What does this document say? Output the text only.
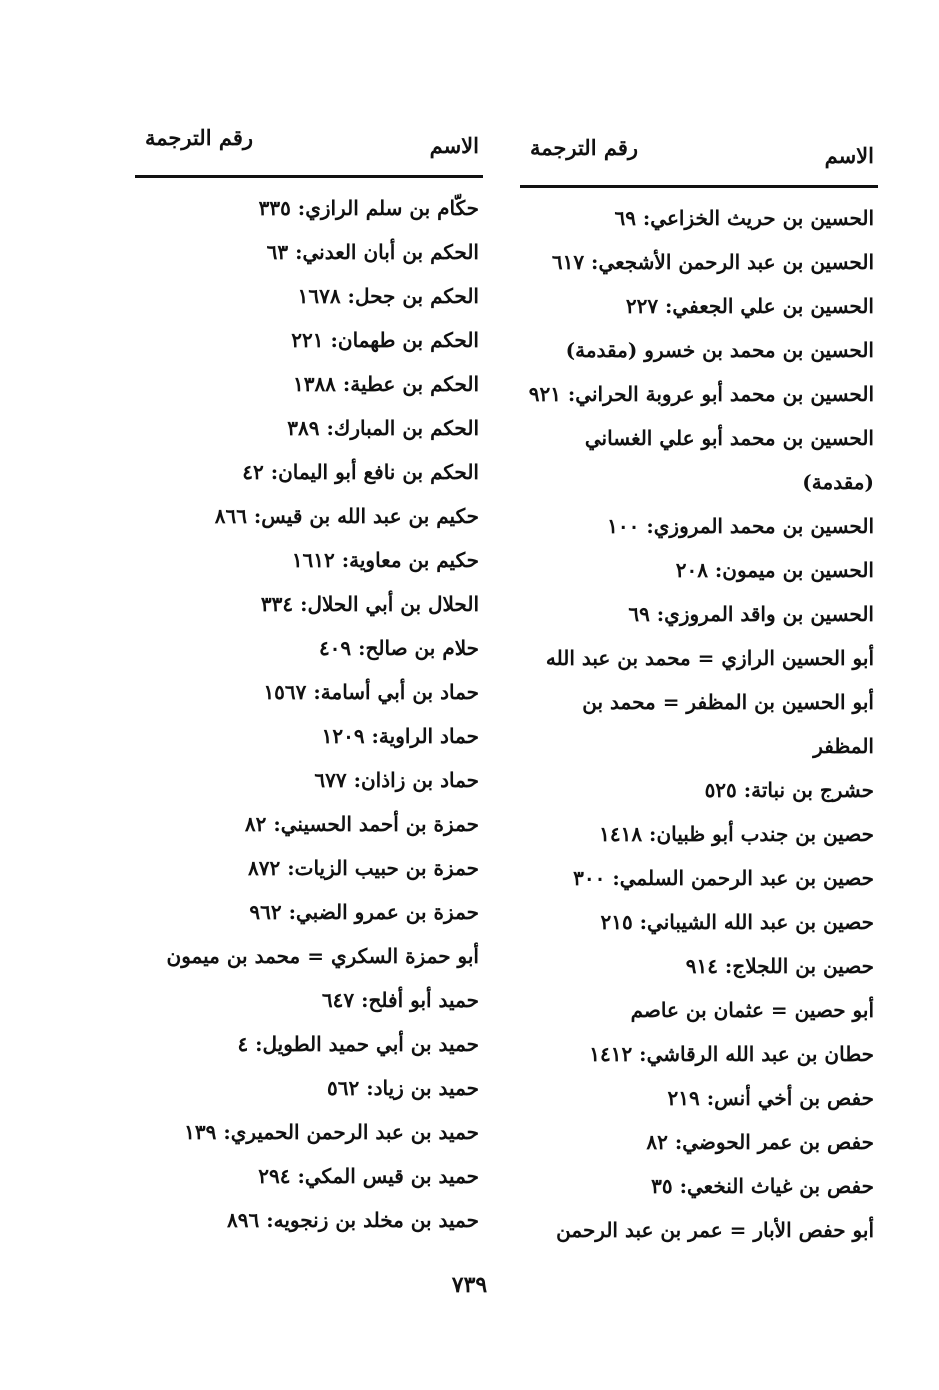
الاسم
رقم الترجمة
الحسين بن حريث الخزاعي: ٦٩
الحسين بن عبد الرحمن الأشجعي: ٦١٧
الحسين بن علي الجعفي: ٢٢٧
الحسين بن محمد بن خسرو (مقدمة)
الحسين بن محمد أبو عروبة الحراني: ٩٢١
الحسين بن محمد أبو علي الغساني (مقدمة)
الحسين بن محمد المروزي: ١٠٠
الحسين بن ميمون: ٢٠٨
الحسين بن واقد المروزي: ٦٩
أبو الحسين الرازي = محمد بن عبد الله
أبو الحسين بن المظفر = محمد بن المظفر
حشرج بن نباتة: ٥٢٥
حصين بن جندب أبو ظبيان: ١٤١٨
حصين بن عبد الرحمن السلمي: ٣٠٠
حصين بن عبد الله الشيباني: ٢١٥
حصين بن اللجلاج: ٩١٤
أبو حصين = عثمان بن عاصم
حطان بن عبد الله الرقاشي: ١٤١٢
حفص بن أخي أنس: ٢١٩
حفص بن عمر الحوضي: ٨٢
حفص بن غياث النخعي: ٣٥
أبو حفص الأبار = عمر بن عبد الرحمن
الاسم
رقم الترجمة
حكّام بن سلم الرازي: ٣٣٥
الحكم بن أبان العدني: ٦٣
الحكم بن جحل: ١٦٧٨
الحكم بن طهمان: ٢٢١
الحكم بن عطية: ١٣٨٨
الحكم بن المبارك: ٣٨٩
الحكم بن نافع أبو اليمان: ٤٢
حكيم بن عبد الله بن قيس: ٨٦٦
حكيم بن معاوية: ١٦١٢
الحلال بن أبي الحلال: ٣٣٤
حلام بن صالح: ٤٠٩
حماد بن أبي أسامة: ١٥٦٧
حماد الراوية: ١٢٠٩
حماد بن زاذان: ٦٧٧
حمزة بن أحمد الحسيني: ٨٢
حمزة بن حبيب الزيات: ٨٧٢
حمزة بن عمرو الضبي: ٩٦٢
أبو حمزة السكري = محمد بن ميمون
حميد أبو أفلح: ٦٤٧
حميد بن أبي حميد الطويل: ٤
حميد بن زياد: ٥٦٢
حميد بن عبد الرحمن الحميري: ١٣٩
حميد بن قيس المكي: ٢٩٤
حميد بن مخلد بن زنجويه: ٨٩٦
٧٣٩
